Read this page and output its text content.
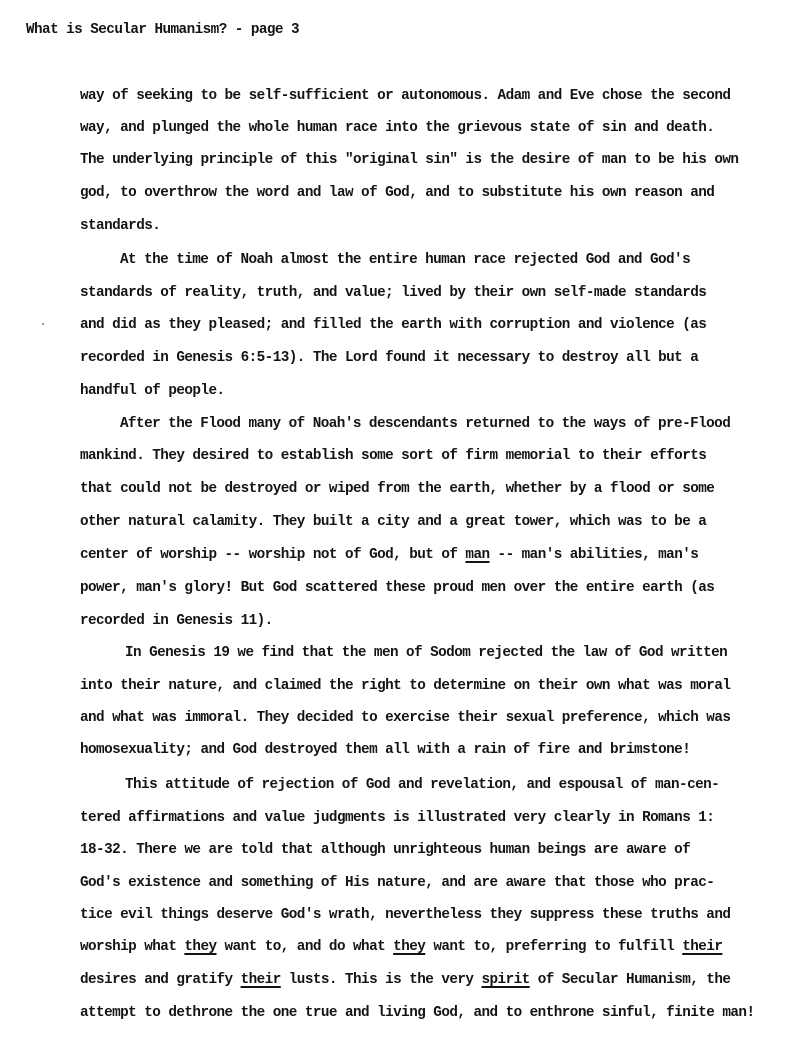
What is Secular Humanism? - page 3
way of seeking to be self-sufficient or autonomous. Adam and Eve chose the second
way, and plunged the whole human race into the grievous state of sin and death.
The underlying principle of this "original sin" is the desire of man to be his own
god, to overthrow the word and law of God, and to substitute his own reason and
standards.
At the time of Noah almost the entire human race rejected God and God's
standards of reality, truth, and value; lived by their own self-made standards
and did as they pleased; and filled the earth with corruption and violence (as
recorded in Genesis 6:5-13). The Lord found it necessary to destroy all but a
handful of people.
After the Flood many of Noah's descendants returned to the ways of pre-Flood
mankind. They desired to establish some sort of firm memorial to their efforts
that could not be destroyed or wiped from the earth, whether by a flood or some
other natural calamity. They built a city and a great tower, which was to be a
center of worship -- worship not of God, but of man -- man's abilities, man's
power, man's glory! But God scattered these proud men over the entire earth (as
recorded in Genesis 11).
In Genesis 19 we find that the men of Sodom rejected the law of God written
into their nature, and claimed the right to determine on their own what was moral
and what was immoral. They decided to exercise their sexual preference, which was
homosexuality; and God destroyed them all with a rain of fire and brimstone!
This attitude of rejection of God and revelation, and espousal of man-cen-
tered affirmations and value judgments is illustrated very clearly in Romans 1:
18-32. There we are told that although unrighteous human beings are aware of
God's existence and something of His nature, and are aware that those who prac-
tice evil things deserve God's wrath, nevertheless they suppress these truths and
worship what they want to, and do what they want to, preferring to fulfill their
desires and gratify their lusts. This is the very spirit of Secular Humanism, the
attempt to dethrone the one true and living God, and to enthrone sinful, finite man!
